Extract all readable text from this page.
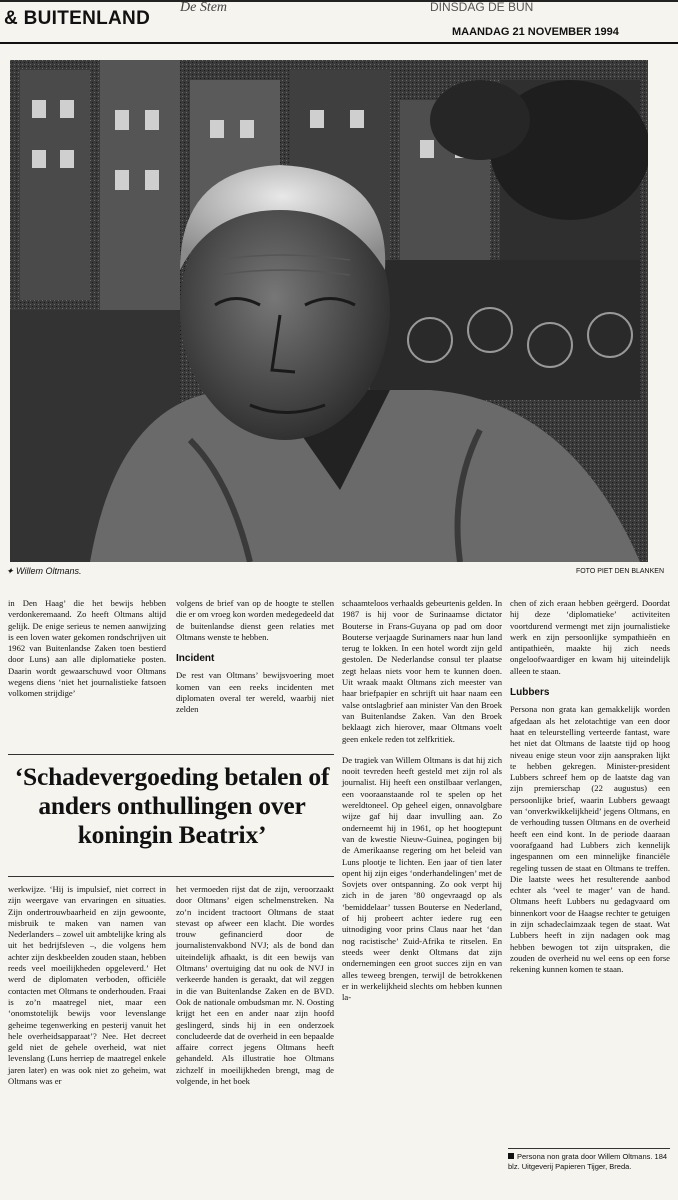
De Stem	DINSDAG DE BUN
& BUITENLAND
MAANDAG 21 NOVEMBER 1994
✦ Willem Oltmans.	FOTO PIET DEN BLANKEN

in Den Haag’ die het bewijs hebben verdonkeremaand. Zo heeft Oltmans altijd gelijk. De enige serieus te nemen aanwijzing is een loven water gekomen rondschrijven uit 1962 van Buitenlandse Zaken toen bestierd door Luns) aan alle diplomatieke posten. Daarin wordt gewaarschuwd voor Oltmans wegens diens ‘niet het journalistieke fatsoen volkomen strijdige’

volgens de brief van op de hoogte te stellen die er om vroeg kon worden medegedeeld dat de buitenlandse dienst geen relaties met Oltmans wenste te hebben.

Incident

De rest van Oltmans’ bewijsvoering moet komen van een reeks incidenten met diplomaten overal ter wereld, waarbij niet zelden

‘Schadevergoeding betalen of anders onthullingen over koningin Beatrix’

werkwijze. ‘Hij is impulsief, niet correct in zijn weergave van ervaringen en situaties. Zijn ondertrouwbaarheid en zijn gewoonte, misbruik te maken van namen van Nederlanders – zowel uit ambtelijke kring als uit het bedrijfsleven –, die volgens hem achter zijn deskbeelden zouden staan, hebben reeds veel moeilijkheden opgeleverd.’ Het werd de diplomaten verboden, officiële contacten met Oltmans te onderhouden. Fraai is zo’n maatregel niet, maar een ‘onomstotelijk bewijs voor levenslange geheime tegenwerking en pesterij vanuit het hele overheidsapparaat’? Nee. Het decreet geld niet de gehele overheid, wat niet levenslang (Luns herriep de maatregel enkele jaren later) en was ook niet zo geheim, wat Oltmans was er

het vermoeden rijst dat de zijn, veroorzaakt door Oltmans’ eigen schelmenstreken. Na zo’n incident tractoort Oltmans de staat stevast op afweer een klacht. Die wordes trouw gefinancierd door de journalistenvakbond NVJ; als de bond dan uiteindelijk afhaakt, is dit een bewijs van Oltmans’ overtuiging dat nu ook de NVJ in verkeerde handen is geraakt, dat wil zeggen in die van Buitenlandse Zaken en de BVD. Ook de nationale ombudsman mr. N. Oosting krijgt het een en ander naar zijn hoofd geslingerd, sinds hij in een onderzoek concludeerde dat de overheid in een bepaalde affaire correct jegens Oltmans heeft gehandeld. Als illustratie hoe Oltmans zichzelf in moeilijkheden brengt, mag de volgende, in het boek

schaamteloos verhaalds gebeurtenis gelden. In 1987 is hij voor de Surinaamse dictator Bouterse in Frans-Guyana op pad om door Bouterse verjaagde Surinamers naar hun land terug te lokken. In een hotel wordt zijn geld gestolen. De Nederlandse consul ter plaatse zegt helaas niets voor hem te kunnen doen. Uit wraak maakt Oltmans zich meester van haar briefpapier en schrijft uit haar naam een valse ontslagbrief aan minister Van den Broek van Buitenlandse Zaken. Van den Broek beklaagt zich hierover, maar Oltmans voelt geen enkele reden tot zelfkritiek.

De tragiek van Willem Oltmans is dat hij zich nooit tevreden heeft gesteld met zijn rol als journalist. Hij heeft een onstilbaar verlangen, een vooraanstaande rol te spelen op het wereldtoneel. Op geheel eigen, onnavolgbare wijze gaf hij daar invulling aan. Zo onderneemt hij in 1961, op het hoogtepunt van de kwestie Nieuw-Guinea, pogingen bij de Amerikaanse regering om het beleid van Luns plootje te lichten. Een jaar of tien later opent hij zijn eiges ‘onderhandelingen’ met de Sovjets over ontspanning. Zo ook verpt hij zich in de jaren ’80 ongevraagd op als ‘bemiddelaar’ tussen Bouterse en Nederland, of hij probeert achter iedere rug een uitnodiging voor prins Claus naar het ‘dan nog racistische’ Zuid-Afrika te ritselen. En steeds weer denkt Oltmans dat zijn ondernemingen een groot succes zijn en van alles teweeg brengen, terwijl de betrokkenen er in werkelijkheid slechts om hebben kunnen la-

chen of zich eraan hebben geërgerd. Doordat hij deze ‘diplomatieke’ activiteiten voortdurend vermengt met zijn journalistieke werk en zijn persoonlijke sympathieën en antipathieën, maakte hij zich needs ongeloofwaardiger en kwam hij uiteindelijk alleen te staan.

Lubbers

Persona non grata kan gemakkelijk worden afgedaan als het zelotachtige van een door haat en teleurstelling verteerde fantast, ware het niet dat Oltmans de laatste tijd op hoog niveau enige steun voor zijn aanspraken lijkt te hebben gekregen. Minister-president Lubbers schreef hem op de laatste dag van zijn premierschap (22 augustus) een persoonlijke brief, waarin Lubbers gewaagt van ‘onverkwikkelijkheid’ jegens Oltmans, en de verhouding tussen Oltmans en de overheid heeft een eind kont. In de periode daaraan voorafgaand had Lubbers zich kennelijk ingespannen om een minnelijke financiële regeling tussen de staat en Oltmans te treffen. Die laatste wees het resulterende aanbod echter als ‘veel te mager’ van de hand. Oltmans heeft Lubbers nu gedagvaard om binnenkort voor de Haagse rechter te getuigen in zijn schadeclaimzaak tegen de staat. Wat Lubbers heeft in zijn nadagen ook mag hebben bewogen tot zijn uitspraken, die zouden de overheid nu wel eens op een forse rekening kunnen komen te staan.

Persona non grata door Willem Oltmans. 184 blz. Uitgeverij Papieren Tijger, Breda.
